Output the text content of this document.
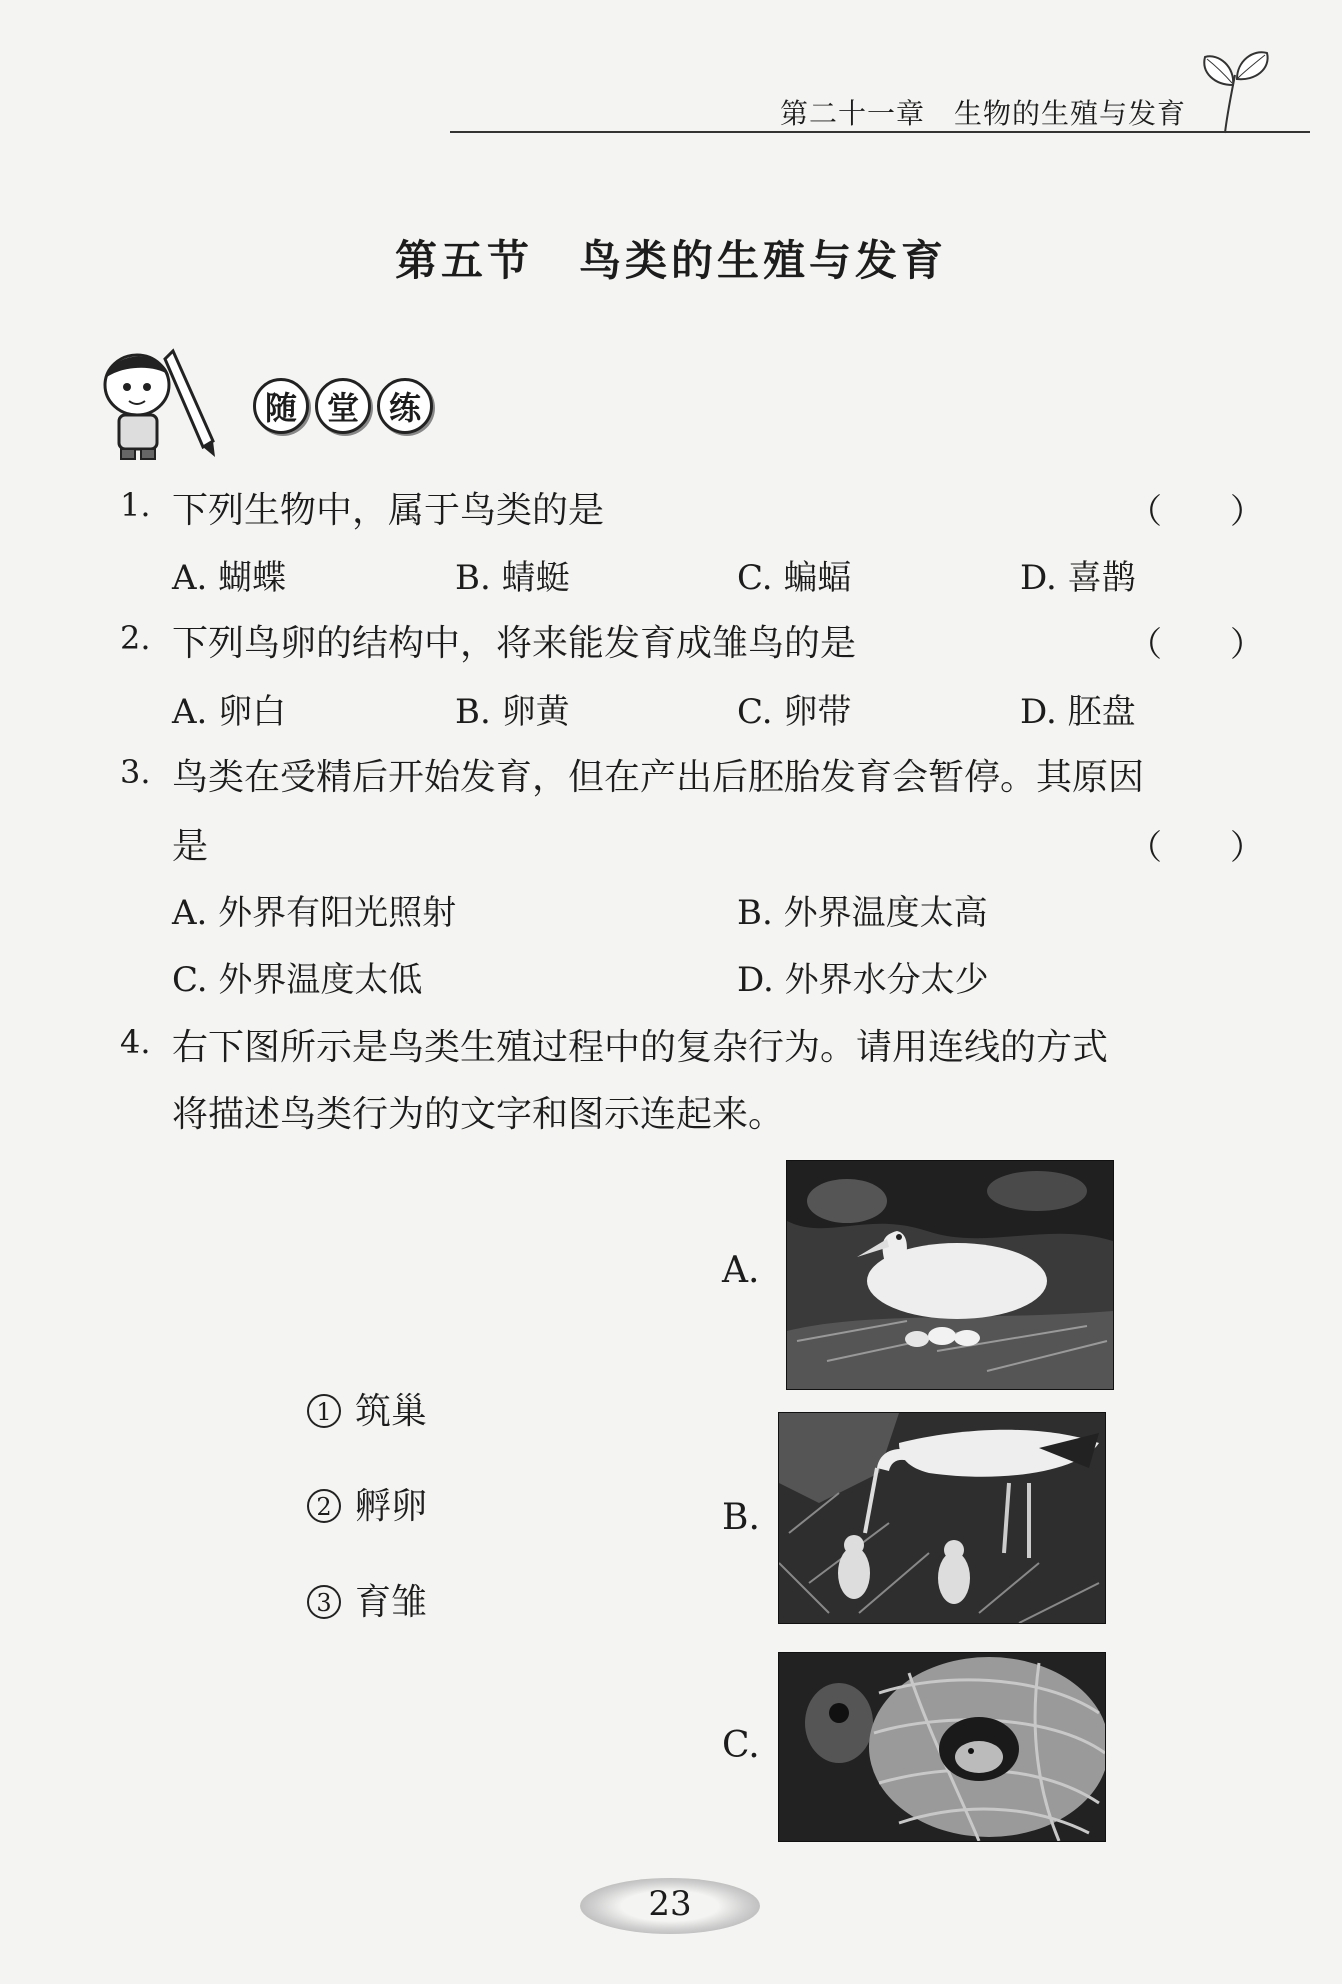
第二十一章　生物的生殖与发育
第五节　鸟类的生殖与发育
随 堂 练
1. 下列生物中，属于鸟类的是	（　　）
A. 蝴蝶	B. 蜻蜓	C. 蝙蝠	D. 喜鹊
2. 下列鸟卵的结构中，将来能发育成雏鸟的是	（　　）
A. 卵白	B. 卵黄	C. 卵带	D. 胚盘
3. 鸟类在受精后开始发育，但在产出后胚胎发育会暂停。其原因
是	（　　）
A. 外界有阳光照射	B. 外界温度太高
C. 外界温度太低	D. 外界水分太少
4. 右下图所示是鸟类生殖过程中的复杂行为。请用连线的方式
将描述鸟类行为的文字和图示连起来。
1 筑巢
2 孵卵
3 育雏
A.
B.
C.
23
